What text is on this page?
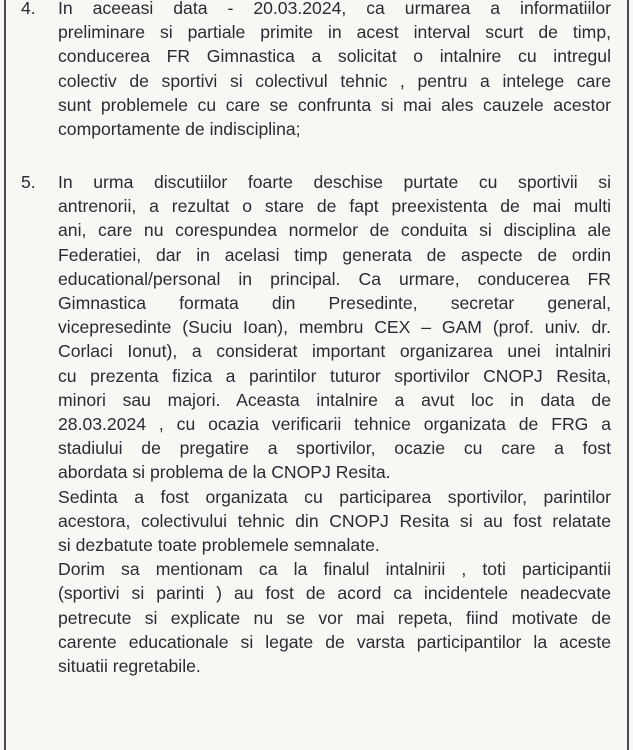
4.	In aceeasi data - 20.03.2024, ca urmarea a informatiilor
preliminare si partiale primite in acest interval scurt de timp,
conducerea FR Gimnastica a solicitat o intalnire cu intregul
colectiv de sportivi si colectivul tehnic , pentru a intelege care
sunt problemele cu care se confrunta si mai ales cauzele acestor
comportamente de indisciplina;
5.	In urma discutiilor foarte deschise purtate cu sportivii si
antrenorii, a rezultat o stare de fapt preexistenta de mai multi
ani, care nu corespundea normelor de conduita si disciplina ale
Federatiei, dar in acelasi timp generata de aspecte de ordin
educational/personal in principal. Ca urmare, conducerea FR
Gimnastica formata din Presedinte, secretar general,
vicepresedinte (Suciu Ioan), membru CEX – GAM (prof. univ. dr.
Corlaci Ionut), a considerat important organizarea unei intalniri
cu prezenta fizica a parintilor tuturor sportivilor CNOPJ Resita,
minori sau majori. Aceasta intalnire a avut loc in data de
28.03.2024 , cu ocazia verificarii tehnice organizata de FRG a
stadiului de pregatire a sportivilor, ocazie cu care a fost
abordata si problema de la CNOPJ Resita.
Sedinta a fost organizata cu participarea sportivilor, parintilor
acestora, colectivului tehnic din CNOPJ Resita si au fost relatate
si dezbatute toate problemele semnalate.
Dorim sa mentionam ca la finalul intalnirii , toti participantii
(sportivi si parinti ) au fost de acord ca incidentele neadecvate
petrecute si explicate nu se vor mai repeta, fiind motivate de
carente educationale si legate de varsta participantilor la aceste
situatii regretabile.
